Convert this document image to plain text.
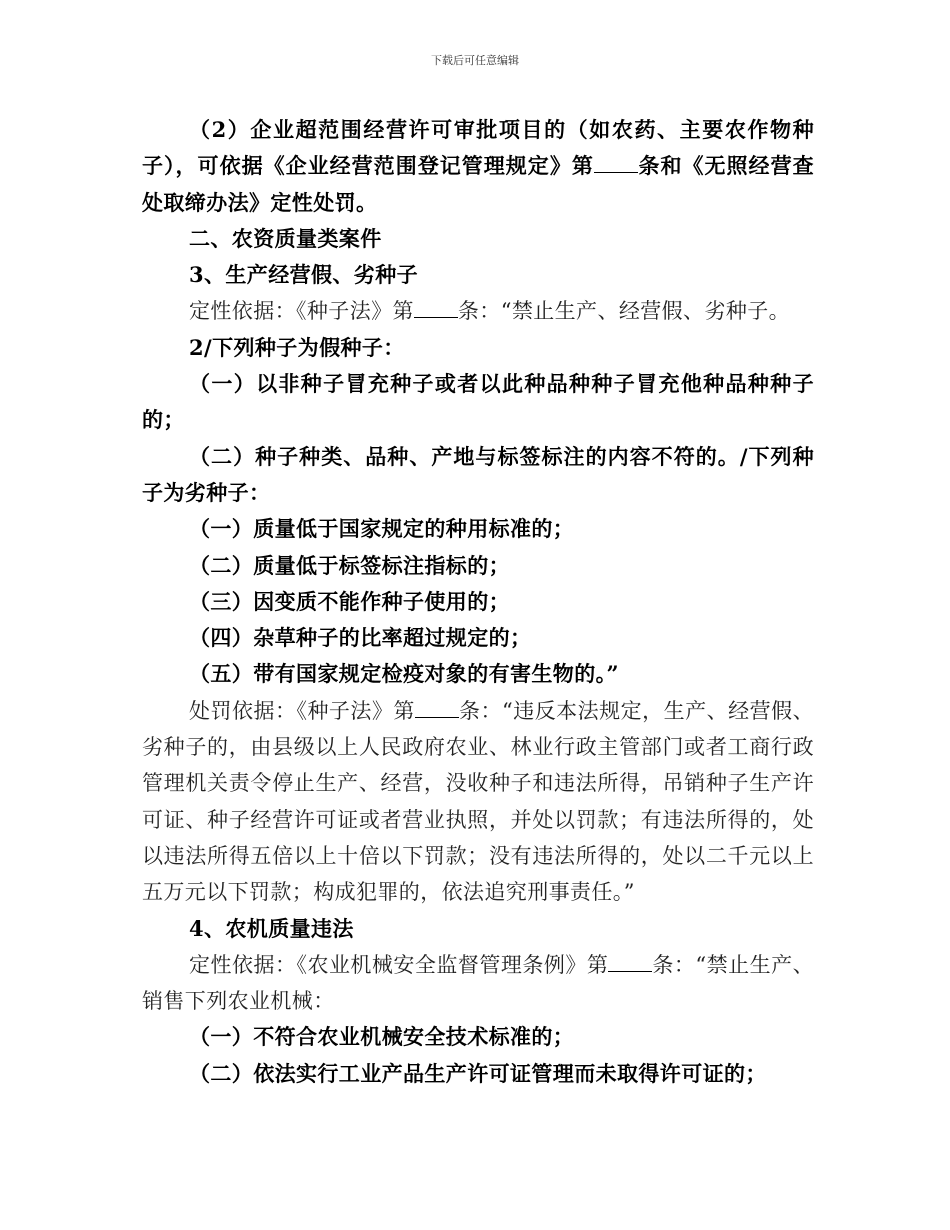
下载后可任意编辑

（2）企业超范围经营许可审批项目的（如农药、主要农作物种子），可依据《企业经营范围登记管理规定》第 条和《无照经营查处取缔办法》定性处罚。

二、农资质量类案件

3、生产经营假、劣种子

定性依据：《种子法》第 条：“禁止生产、经营假、劣种子。

2/下列种子为假种子：

（一）以非种子冒充种子或者以此种品种种子冒充他种品种种子的；

（二）种子种类、品种、产地与标签标注的内容不符的。/下列种子为劣种子：

（一）质量低于国家规定的种用标准的；

（二）质量低于标签标注指标的；

（三）因变质不能作种子使用的；

（四）杂草种子的比率超过规定的；

（五）带有国家规定检疫对象的有害生物的。”

处罚依据：《种子法》第 条：“违反本法规定，生产、经营假、劣种子的，由县级以上人民政府农业、林业行政主管部门或者工商行政管理机关责令停止生产、经营，没收种子和违法所得，吊销种子生产许可证、种子经营许可证或者营业执照，并处以罚款；有违法所得的，处以违法所得五倍以上十倍以下罚款；没有违法所得的，处以二千元以上五万元以下罚款；构成犯罪的，依法追究刑事责任。”

4、农机质量违法

定性依据：《农业机械安全监督管理条例》第 条：“禁止生产、销售下列农业机械：

（一）不符合农业机械安全技术标准的；

（二）依法实行工业产品生产许可证管理而未取得许可证的；
